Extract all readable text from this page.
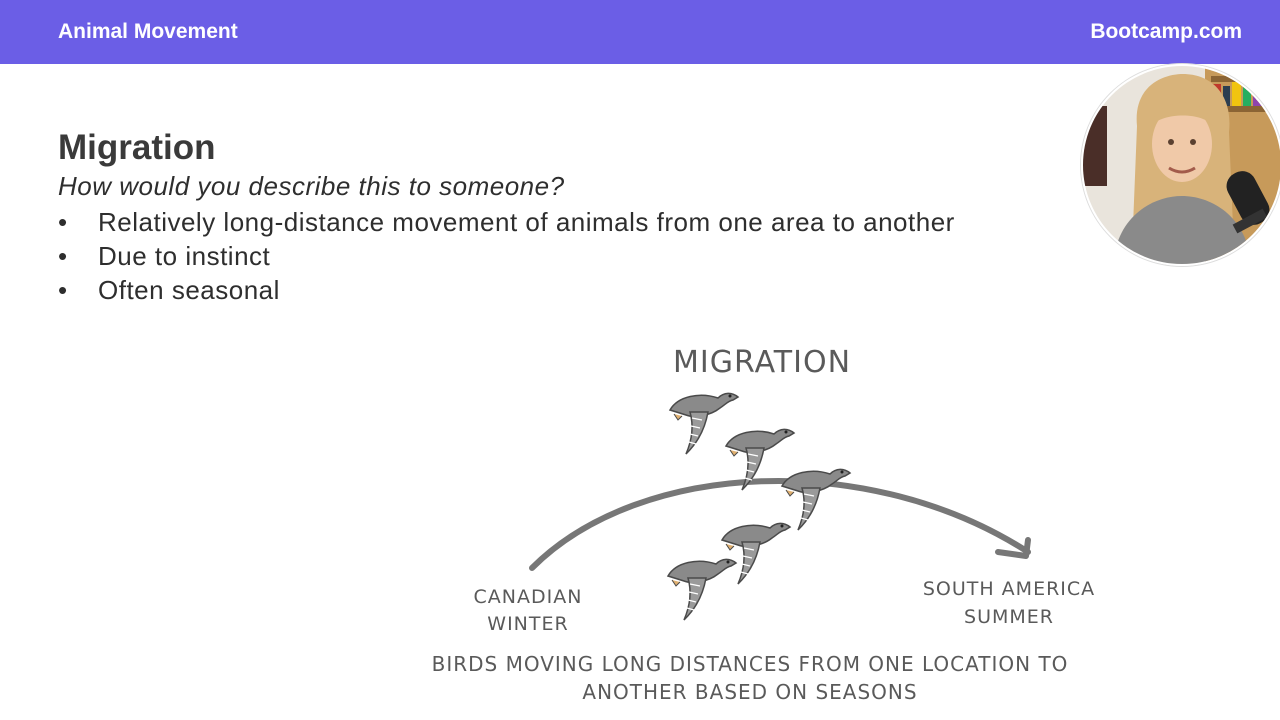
Animal Movement	Bootcamp.com
Migration
How would you describe this to someone?
• Relatively long-distance movement of animals from one area to another
• Due to instinct
• Often seasonal
MIGRATION
CANADIAN
WINTER
SOUTH AMERICA
SUMMER
BIRDS MOVING LONG DISTANCES FROM ONE LOCATION TO
ANOTHER BASED ON SEASONS
